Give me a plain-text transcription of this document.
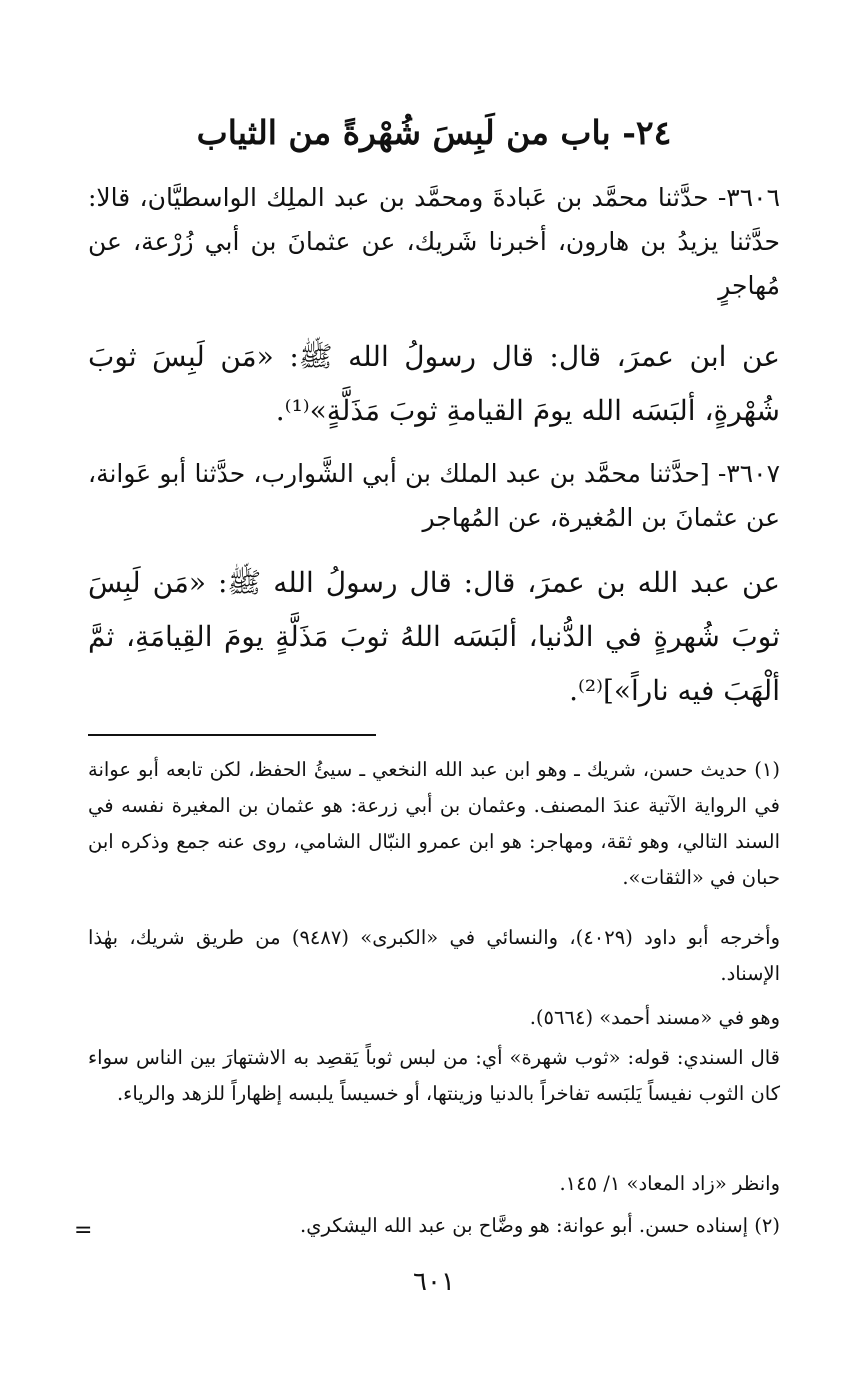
٢٤- باب من لَبِسَ شُهْرةً من الثياب

٣٦٠٦- حدَّثنا محمَّد بن عَبادةَ ومحمَّد بن عبد الملِك الواسطيَّان، قالا: حدَّثنا يزيدُ بن هارون، أخبرنا شَريك، عن عثمانَ بن أبي زُرْعة، عن مُهاجرٍ

عن ابن عمرَ، قال: قال رسولُ الله ﷺ: «مَن لَبِسَ ثوبَ شُهْرةٍ، ألبَسَه الله يومَ القيامةِ ثوبَ مَذَلَّةٍ»⁽¹⁾.

٣٦٠٧- [حدَّثنا محمَّد بن عبد الملك بن أبي الشَّوارب، حدَّثنا أبو عَوانة، عن عثمانَ بن المُغيرة، عن المُهاجر

عن عبد الله بن عمرَ، قال: قال رسولُ الله ﷺ: «مَن لَبِسَ ثوبَ شُهرةٍ في الدُّنيا، ألبَسَه اللهُ ثوبَ مَذَلَّةٍ يومَ القِيامَةِ، ثمَّ ألْهَبَ فيه ناراً»]⁽²⁾.

(١) حديث حسن، شريك ـ وهو ابن عبد الله النخعي ـ سيئُ الحفظ، لكن تابعه أبو عوانة في الرواية الآتية عندَ المصنف. وعثمان بن أبي زرعة: هو عثمان بن المغيرة نفسه في السند التالي، وهو ثقة، ومهاجر: هو ابن عمرو النبّال الشامي، روى عنه جمع وذكره ابن حبان في «الثقات».

وأخرجه أبو داود (٤٠٢٩)، والنسائي في «الكبرى» (٩٤٨٧) من طريق شريك، بهٰذا الإسناد.

وهو في «مسند أحمد» (٥٦٦٤).

قال السندي: قوله: «ثوب شهرة» أي: من لبس ثوباً يَقصِد به الاشتهارَ بين الناس سواء كان الثوب نفيساً يَلبَسه تفاخراً بالدنيا وزينتها، أو خسيساً يلبسه إظهاراً للزهد والرياء.

وانظر «زاد المعاد» ١/ ١٤٥.

(٢) إسناده حسن. أبو عوانة: هو وضَّاح بن عبد الله اليشكري.

=
٦٠١
